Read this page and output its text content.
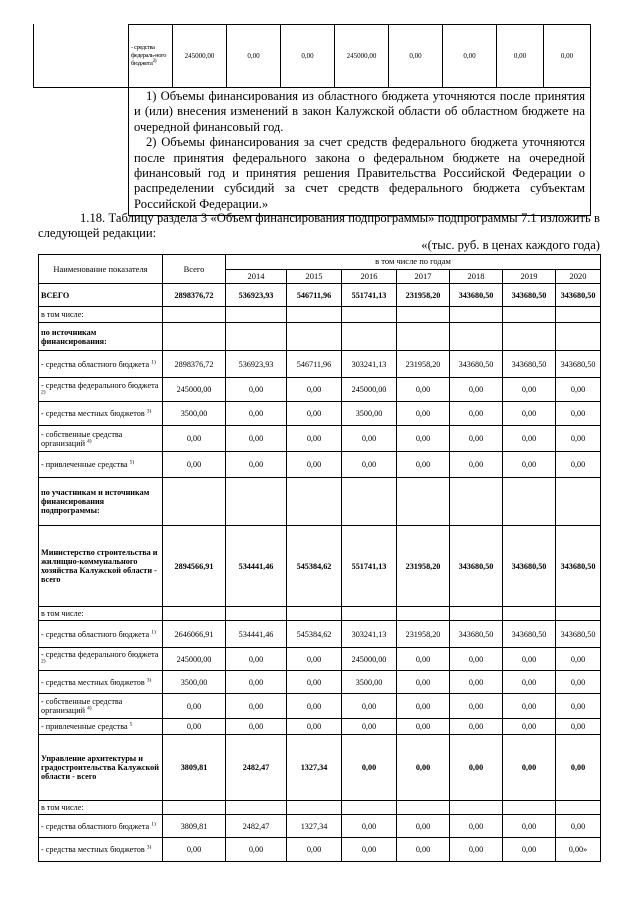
- средства федераль-ного бюджета$^{2)}$	245000,00	0,00	0,00	245000,00	0,00	0,00	0,00	0,00

1) Объемы финансирования из областного бюджета уточняются после принятия и (или) внесения изменений в закон Калужской области об областном бюджете на очередной финансовый год.

2) Объемы финансирования за счет средств федерального бюджета уточняются после принятия федерального закона о федеральном бюджете на очередной финансовый год и принятия решения Правительства Российской Федерации о распределении субсидий за счет средств федерального бюджета субъектам Российской Федерации.»

1.18. Таблицу раздела 3 «Объем финансирования подпрограммы» подпрограммы 7.1 изложить в следующей редакции:

«(тыс. руб. в ценах каждого года)

Наименование показателя	Всего	в том числе по годам						
		2014	2015	2016	2017	2018	2019	2020
ВСЕГО	2898376,72	536923,93	546711,96	551741,13	231958,20	343680,50	343680,50	343680,50
в том числе:								
по источникам финансирования:								
- средства областного бюджета $^{1)}$	2898376,72	536923,93	546711,96	303241,13	231958,20	343680,50	343680,50	343680,50
- средства федерального бюджета $^{2)}$	245000,00	0,00	0,00	245000,00	0,00	0,00	0,00	0,00
- средства местных бюджетов $^{3)}$	3500,00	0,00	0,00	3500,00	0,00	0,00	0,00	0,00
- собственные средства организаций $^{4)}$	0,00	0,00	0,00	0,00	0,00	0,00	0,00	0,00
- привлеченные средства $^{5)}$	0,00	0,00	0,00	0,00	0,00	0,00	0,00	0,00
по участникам и источникам финансирования подпрограммы:								
Министерство строительства и жилищно-коммунального хозяйства Калужской области - всего	2894566,91	534441,46	545384,62	551741,13	231958,20	343680,50	343680,50	343680,50
в том числе:								
- средства областного бюджета $^{1)}$	2646066,91	534441,46	545384,62	303241,13	231958,20	343680,50	343680,50	343680,50
- средства федерального бюджета $^{2)}$	245000,00	0,00	0,00	245000,00	0,00	0,00	0,00	0,00
- средства местных бюджетов $^{3)}$	3500,00	0,00	0,00	3500,00	0,00	0,00	0,00	0,00
- собственные средства организаций $^{4)}$	0,00	0,00	0,00	0,00	0,00	0,00	0,00	0,00
- привлеченные средства $^5$	0,00	0,00	0,00	0,00	0,00	0,00	0,00	0,00
Управление архитектуры и градостроительства Калужской области - всего	3809,81	2482,47	1327,34	0,00	0,00	0,00	0,00	0,00
в том числе:								
- средства областного бюджета $^{1)}$	3809,81	2482,47	1327,34	0,00	0,00	0,00	0,00	0,00
- средства местных бюджетов $^{3)}$	0,00	0,00	0,00	0,00	0,00	0,00	0,00	0,00»
